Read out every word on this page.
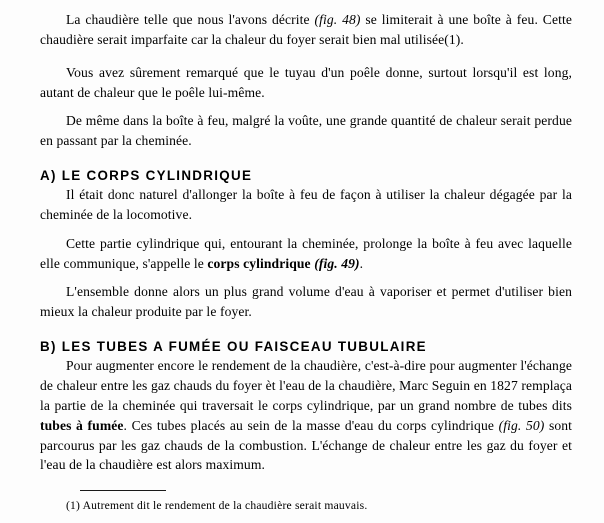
La chaudière telle que nous l'avons décrite (fig. 48) se limiterait à une boîte à feu. Cette chaudière serait imparfaite car la chaleur du foyer serait bien mal utilisée(1).

Vous avez sûrement remarqué que le tuyau d'un poêle donne, surtout lorsqu'il est long, autant de chaleur que le poêle lui-même.

De même dans la boîte à feu, malgré la voûte, une grande quantité de chaleur serait perdue en passant par la cheminée.

A) LE CORPS CYLINDRIQUE

Il était donc naturel d'allonger la boîte à feu de façon à utiliser la chaleur dégagée par la cheminée de la locomotive.

Cette partie cylindrique qui, entourant la cheminée, prolonge la boîte à feu avec laquelle elle communique, s'appelle le corps cylindrique (fig. 49).

L'ensemble donne alors un plus grand volume d'eau à vaporiser et permet d'utiliser bien mieux la chaleur produite par le foyer.

B) LES TUBES A FUMÉE OU FAISCEAU TUBULAIRE

Pour augmenter encore le rendement de la chaudière, c'est-à-dire pour augmenter l'échange de chaleur entre les gaz chauds du foyer èt l'eau de la chaudière, Marc Seguin en 1827 remplaça la partie de la cheminée qui traversait le corps cylindrique, par un grand nombre de tubes dits tubes à fumée. Ces tubes placés au sein de la masse d'eau du corps cylindrique (fig. 50) sont parcourus par les gaz chauds de la combustion. L'échange de chaleur entre les gaz du foyer et l'eau de la chaudière est alors maximum.

(1) Autrement dit le rendement de la chaudière serait mauvais.
